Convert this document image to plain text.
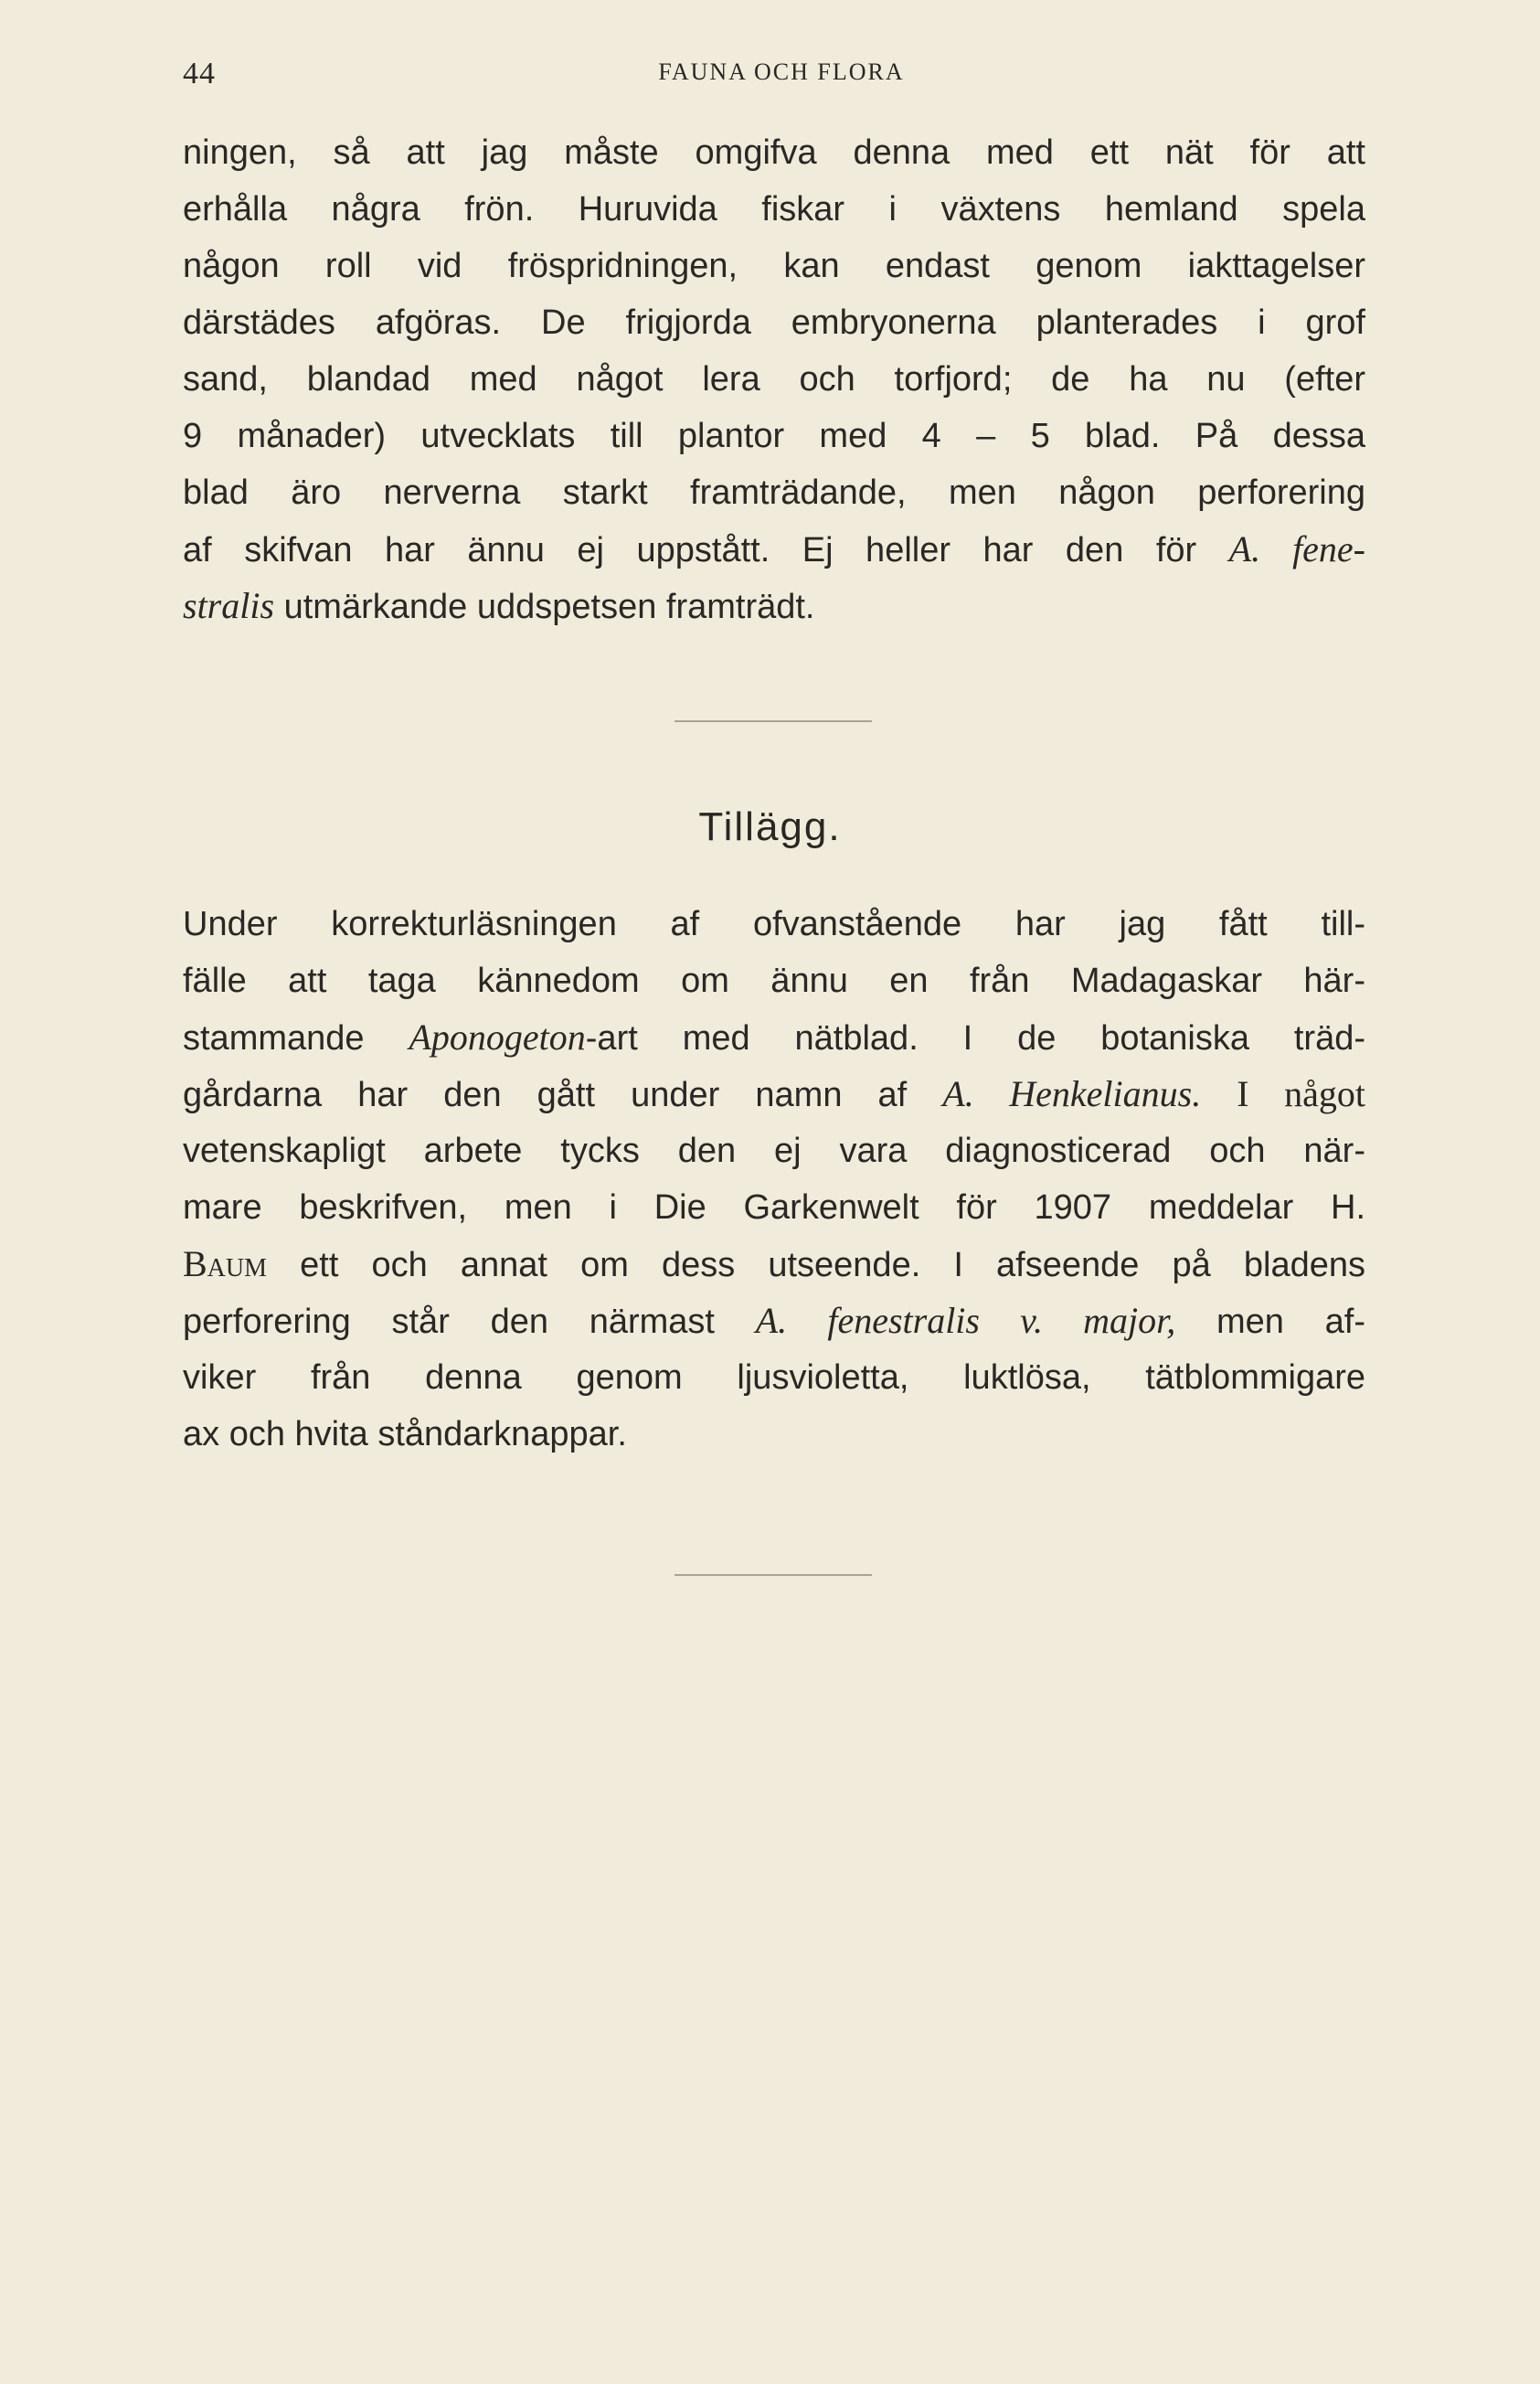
44	FAUNA OCH FLORA
ningen, så att jag måste omgifva denna med ett nät för att
erhålla några frön. Huruvida fiskar i växtens hemland spela
någon roll vid fröspridningen, kan endast genom iakttagelser
därstädes afgöras. De frigjorda embryonerna planterades i grof
sand, blandad med något lera och torfjord; de ha nu (efter
9 månader) utvecklats till plantor med 4 – 5 blad. På dessa
blad äro nerverna starkt framträdande, men någon perforering
af skifvan har ännu ej uppstått. Ej heller har den för A. fene-
stralis utmärkande uddspetsen framträdt.
Tillägg.
Under korrekturläsningen af ofvanstående har jag fått till-
fälle att taga kännedom om ännu en från Madagaskar här-
stammande Aponogeton-art med nätblad. I de botaniska träd-
gårdarna har den gått under namn af A. Henkelianus. I något
vetenskapligt arbete tycks den ej vara diagnosticerad och när-
mare beskrifven, men i Die Garkenwelt för 1907 meddelar H.
Baum ett och annat om dess utseende. I afseende på bladens
perforering står den närmast A. fenestralis v. major, men af-
viker från denna genom ljusvioletta, luktlösa, tätblommigare
ax och hvita ståndarknappar.
